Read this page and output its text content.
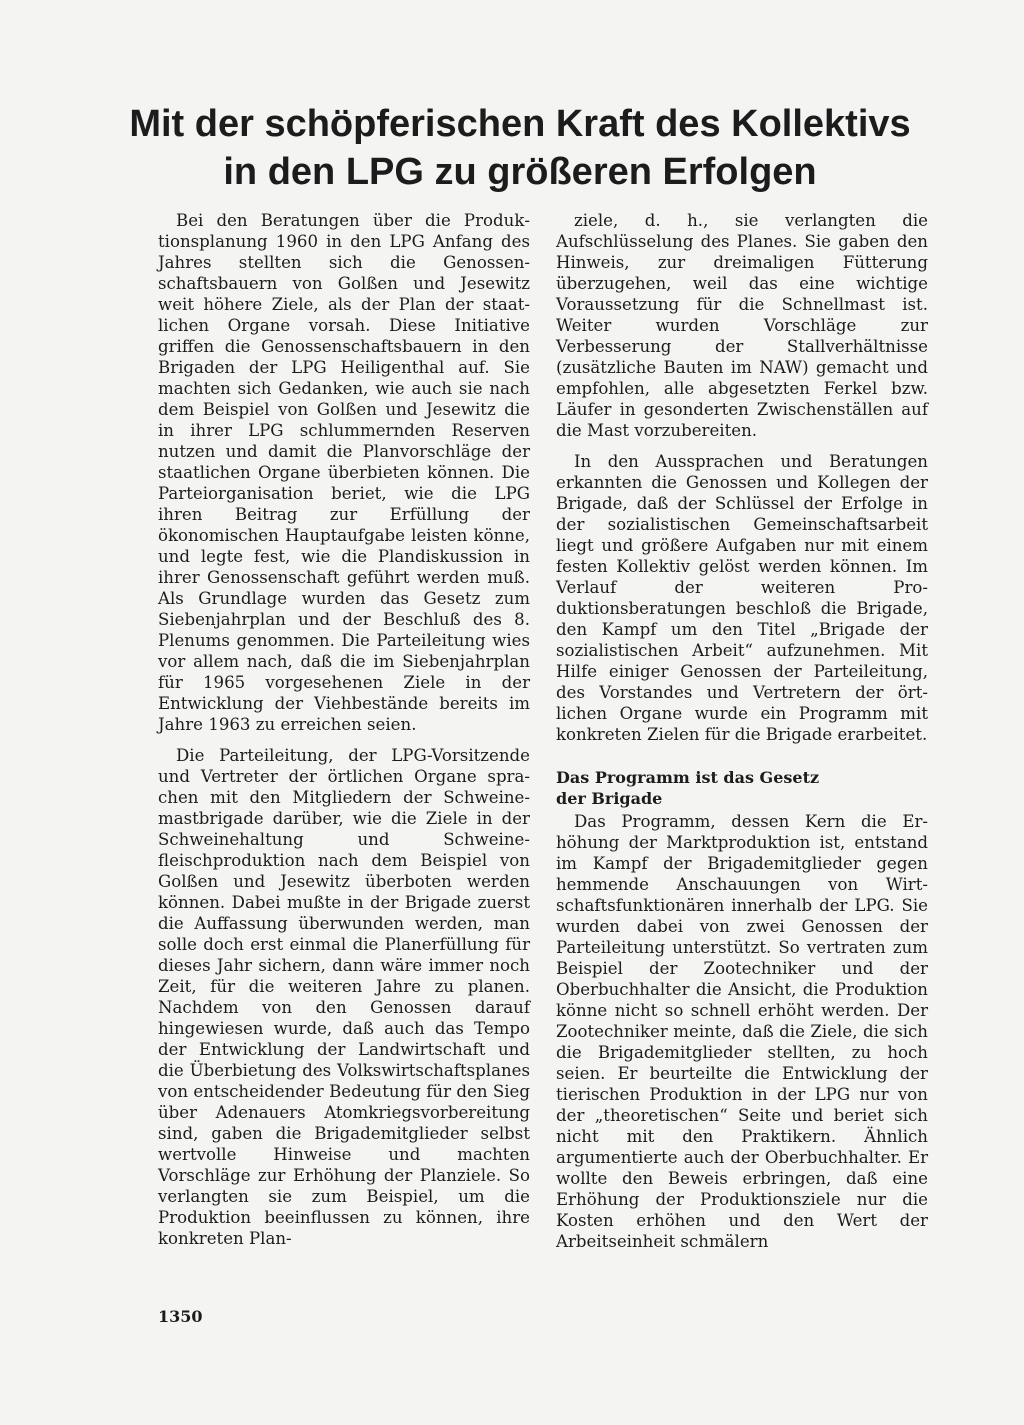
Mit der schöpferischen Kraft des Kollektivs
in den LPG zu größeren Erfolgen

Bei den Beratungen über die Produktionsplanung 1960 in den LPG Anfang des Jahres stellten sich die Genossenschaftsbauern von Golßen und Jesewitz weit höhere Ziele, als der Plan der staatlichen Organe vorsah. Diese Initiative griffen die Genossenschaftsbauern in den Brigaden der LPG Heiligenthal auf. Sie machten sich Gedanken, wie auch sie nach dem Beispiel von Golßen und Jesewitz die in ihrer LPG schlummernden Reserven nutzen und damit die Planvorschläge der staatlichen Organe überbieten können. Die Parteiorganisation beriet, wie die LPG ihren Beitrag zur Erfüllung der ökonomischen Hauptaufgabe leisten könne, und legte fest, wie die Plandiskussion in ihrer Genossenschaft geführt werden muß. Als Grundlage wurden das Gesetz zum Siebenjahrplan und der Beschluß des 8. Plenums genommen. Die Parteileitung wies vor allem nach, daß die im Siebenjahrplan für 1965 vorgesehenen Ziele in der Entwicklung der Viehbestände bereits im Jahre 1963 zu erreichen seien.

Die Parteileitung, der LPG-Vorsitzende und Vertreter der örtlichen Organe sprachen mit den Mitgliedern der Schweinemastbrigade darüber, wie die Ziele in der Schweinehaltung und Schweinefleischproduktion nach dem Beispiel von Golßen und Jesewitz überboten werden können. Dabei mußte in der Brigade zuerst die Auffassung überwunden werden, man solle doch erst einmal die Planerfüllung für dieses Jahr sichern, dann wäre immer noch Zeit, für die weiteren Jahre zu planen. Nachdem von den Genossen darauf hingewiesen wurde, daß auch das Tempo der Entwicklung der Landwirtschaft und die Überbietung des Volkswirtschaftsplanes von entscheidender Bedeutung für den Sieg über Adenauers Atomkriegsvorbereitung sind, gaben die Brigademitglieder selbst wertvolle Hinweise und machten Vorschläge zur Erhöhung der Planziele. So verlangten sie zum Beispiel, um die Produktion beeinflussen zu können, ihre konkreten Plan-

ziele, d. h., sie verlangten die Aufschlüsselung des Planes. Sie gaben den Hinweis, zur dreimaligen Fütterung überzugehen, weil das eine wichtige Voraussetzung für die Schnellmast ist. Weiter wurden Vorschläge zur Verbesserung der Stallverhältnisse (zusätzliche Bauten im NAW) gemacht und empfohlen, alle abgesetzten Ferkel bzw. Läufer in gesonderten Zwischenställen auf die Mast vorzubereiten.

In den Aussprachen und Beratungen erkannten die Genossen und Kollegen der Brigade, daß der Schlüssel der Erfolge in der sozialistischen Gemeinschaftsarbeit liegt und größere Aufgaben nur mit einem festen Kollektiv gelöst werden können. Im Verlauf der weiteren Produktionsberatungen beschloß die Brigade, den Kampf um den Titel „Brigade der sozialistischen Arbeit“ aufzunehmen. Mit Hilfe einiger Genossen der Parteileitung, des Vorstandes und Vertretern der örtlichen Organe wurde ein Programm mit konkreten Zielen für die Brigade erarbeitet.

Das Programm ist das Gesetz
der Brigade

Das Programm, dessen Kern die Erhöhung der Marktproduktion ist, entstand im Kampf der Brigademitglieder gegen hemmende Anschauungen von Wirtschaftsfunktionären innerhalb der LPG. Sie wurden dabei von zwei Genossen der Parteileitung unterstützt. So vertraten zum Beispiel der Zootechniker und der Oberbuchhalter die Ansicht, die Produktion könne nicht so schnell erhöht werden. Der Zootechniker meinte, daß die Ziele, die sich die Brigademitglieder stellten, zu hoch seien. Er beurteilte die Entwicklung der tierischen Produktion in der LPG nur von der „theoretischen“ Seite und beriet sich nicht mit den Praktikern. Ähnlich argumentierte auch der Oberbuchhalter. Er wollte den Beweis erbringen, daß eine Erhöhung der Produktionsziele nur die Kosten erhöhen und den Wert der Arbeitseinheit schmälern

1350
